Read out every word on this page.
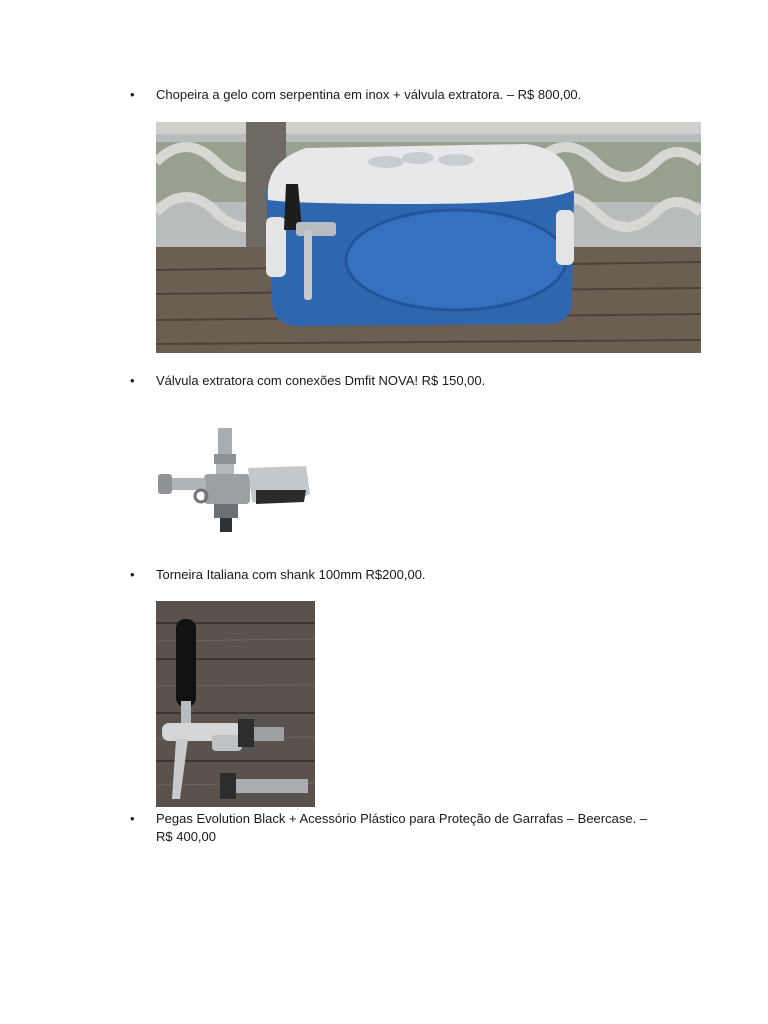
• Chopeira a gelo com serpentina em inox + válvula extratora. – R$ 800,00.
• Válvula extratora com conexões Dmfit NOVA! R$ 150,00.
• Torneira Italiana com shank 100mm R$200,00.
• Pegas Evolution Black + Acessório Plástico para Proteção de Garrafas – Beercase. – R$ 400,00
